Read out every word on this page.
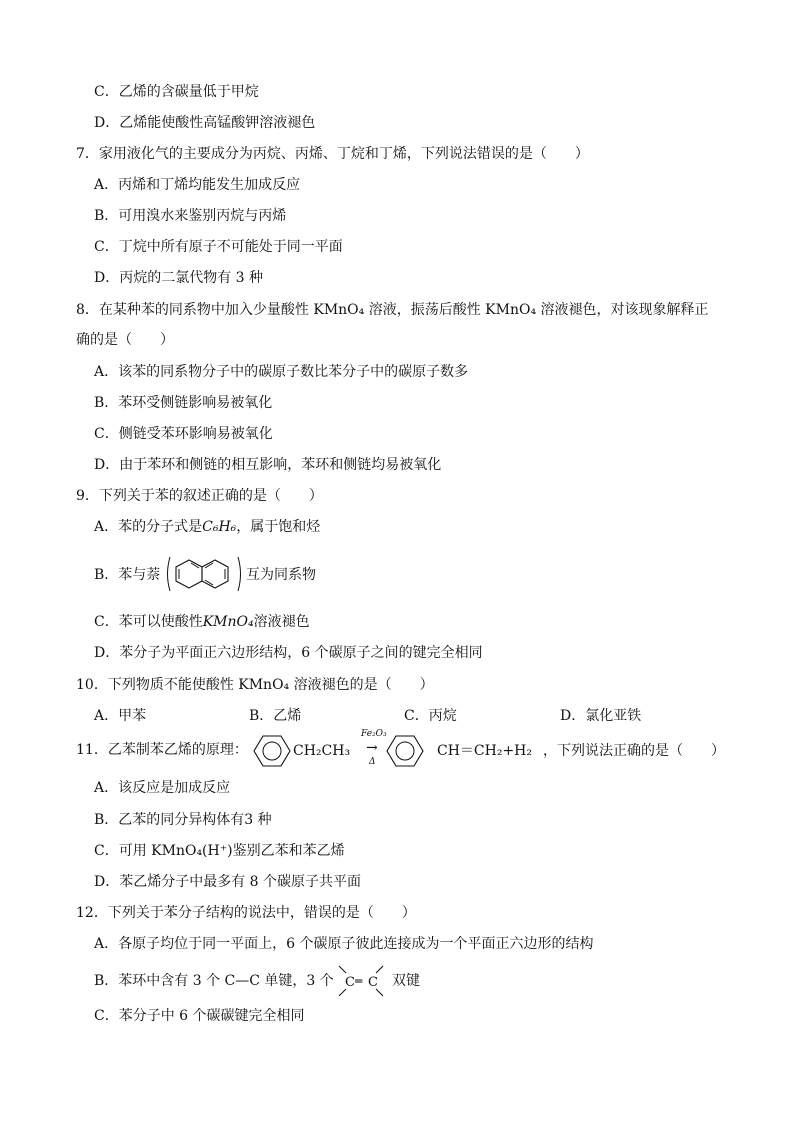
C．乙烯的含碳量低于甲烷
D．乙烯能使酸性高锰酸钾溶液褪色
7．家用液化气的主要成分为丙烷、丙烯、丁烷和丁烯，下列说法错误的是（　　）
A．丙烯和丁烯均能发生加成反应
B．可用溴水来鉴别丙烷与丙烯
C．丁烷中所有原子不可能处于同一平面
D．丙烷的二氯代物有 3 种
8．在某种苯的同系物中加入少量酸性 KMnO₄ 溶液，振荡后酸性 KMnO₄ 溶液褪色，对该现象解释正
确的是（　　）
A．该苯的同系物分子中的碳原子数比苯分子中的碳原子数多
B．苯环受侧链影响易被氧化
C．侧链受苯环影响易被氧化
D．由于苯环和侧链的相互影响，苯环和侧链均易被氧化
9．下列关于苯的叙述正确的是（　　）
A．苯的分子式是C₆H₆，属于饱和烃
B．苯与萘	互为同系物
C．苯可以使酸性KMnO₄溶液褪色
D．苯分子为平面正六边形结构，6 个碳原子之间的键完全相同
10．下列物质不能使酸性 KMnO₄ 溶液褪色的是（　　）
A．甲苯	B．乙烯	C．丙烷	D．氯化亚铁
11．乙苯制苯乙烯的原理：	CH₂CH₃
Fe₂O₃
→
Δ
CH＝CH₂+H₂ ，下列说法正确的是（　　）
A．该反应是加成反应
B．乙苯的同分异构体有3 种
C．可用 KMnO₄(H⁺)鉴别乙苯和苯乙烯
D．苯乙烯分子中最多有 8 个碳原子共平面
12．下列关于苯分子结构的说法中，错误的是（　　）
A．各原子均位于同一平面上，6 个碳原子彼此连接成为一个平面正六边形的结构
B．苯环中含有 3 个 C—C 单键，3 个 C ═ C 双键
C．苯分子中 6 个碳碳键完全相同
